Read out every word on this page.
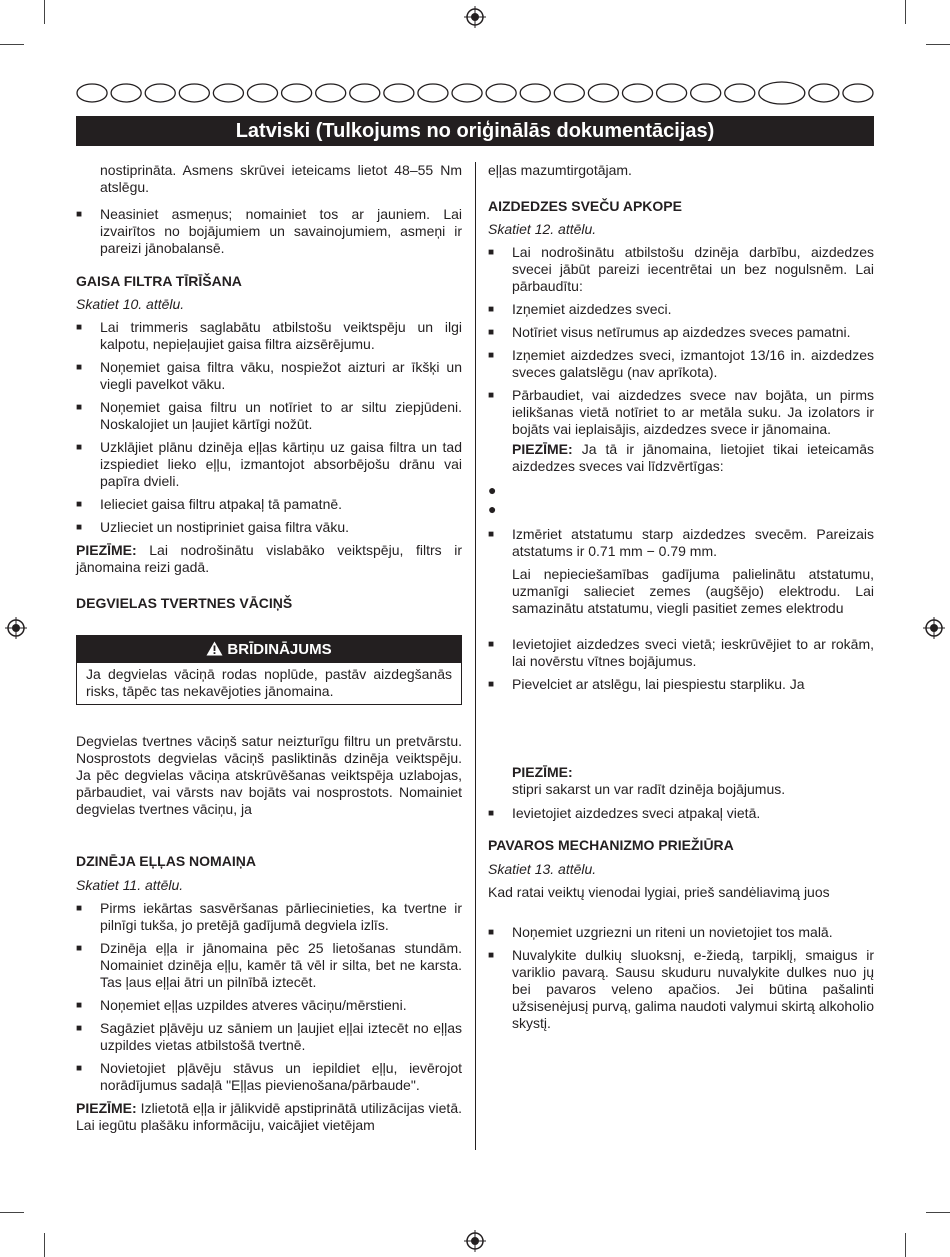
Latviski (Tulkojums no oriģinālās dokumentācijas)

nostiprināta. Asmens skrūvei ieteicams lietot 48–55 Nm atslēgu.

■	Neasiniet asmeņus; nomainiet tos ar jauniem. Lai izvairītos no bojājumiem un savainojumiem, asmeņi ir pareizi jānobalansē.

GAISA FILTRA TĪRĪŠANA

Skatiet 10. attēlu.

■	Lai trimmeris saglabātu atbilstošu veiktspēju un ilgi kalpotu, nepieļaujiet gaisa filtra aizsērējumu.
■	Noņemiet gaisa filtra vāku, nospiežot aizturi ar īkšķi un viegli pavelkot vāku.
■	Noņemiet gaisa filtru un notīriet to ar siltu ziepjūdeni. Noskalojiet un ļaujiet kārtīgi nožūt.
■	Uzklājiet plānu dzinēja eļļas kārtiņu uz gaisa filtra un tad izspiediet lieko eļļu, izmantojot absorbējošu drānu vai papīra dvieli.
■	Ielieciet gaisa filtru atpakaļ tā pamatnē.
■	Uzlieciet un nostipriniet gaisa filtra vāku.

PIEZĪME: Lai nodrošinātu vislabāko veiktspēju, filtrs ir jānomaina reizi gadā.

DEGVIELAS TVERTNES VĀCIŅŠ

BRĪDINĀJUMS
Ja degvielas vāciņā rodas noplūde, pastāv aizdegšanās risks, tāpēc tas nekavējoties jānomaina.

Degvielas tvertnes vāciņš satur neizturīgu filtru un pretvārstu. Nosprostots degvielas vāciņš pasliktinās dzinēja veiktspēju. Ja pēc degvielas vāciņa atskrūvēšanas veiktspēja uzlabojas, pārbaudiet, vai vārsts nav bojāts vai nosprostots. Nomainiet degvielas tvertnes vāciņu, ja

DZINĒJA EĻĻAS NOMAIŅA

Skatiet 11. attēlu.

■	Pirms iekārtas sasvēršanas pārliecinieties, ka tvertne ir pilnīgi tukša, jo pretējā gadījumā degviela izlīs.
■	Dzinēja eļļa ir jānomaina pēc 25 lietošanas stundām. Nomainiet dzinēja eļļu, kamēr tā vēl ir silta, bet ne karsta. Tas ļaus eļļai ātri un pilnībā iztecēt.
■	Noņemiet eļļas uzpildes atveres vāciņu/mērstieni.
■	Sagāziet pļāvēju uz sāniem un ļaujiet eļļai iztecēt no eļļas uzpildes vietas atbilstošā tvertnē.
■	Novietojiet pļāvēju stāvus un iepildiet eļļu, ievērojot norādījumus sadaļā "Eļļas pievienošana/pārbaude".

PIEZĪME: Izlietotā eļļa ir jālikvidē apstiprinātā utilizācijas vietā. Lai iegūtu plašāku informāciju, vaicājiet vietējam

eļļas mazumtirgotājam.

AIZDEDZES SVEČU APKOPE

Skatiet 12. attēlu.

■	Lai nodrošinātu atbilstošu dzinēja darbību, aizdedzes svecei jābūt pareizi iecentrētai un bez nogulsnēm. Lai pārbaudītu:
■	Izņemiet aizdedzes sveci.
■	Notīriet visus netīrumus ap aizdedzes sveces pamatni.
■	Izņemiet aizdedzes sveci, izmantojot 13/16 in. aizdedzes sveces galatslēgu (nav aprīkota).
■	Pārbaudiet, vai aizdedzes svece nav bojāta, un pirms ielikšanas vietā notīriet to ar metāla suku. Ja izolators ir bojāts vai ieplaisājis, aizdedzes svece ir jānomaina.

PIEZĪME: Ja tā ir jānomaina, lietojiet tikai ieteicamās aizdedzes sveces vai līdzvērtīgas:

●
●
■	Izmēriet atstatumu starp aizdedzes svecēm. Pareizais atstatums ir 0.71 mm − 0.79 mm.

Lai nepieciešamības gadījuma palielinātu atstatumu, uzmanīgi salieciet zemes (augšējo) elektrodu. Lai samazinātu atstatumu, viegli pasitiet zemes elektrodu

■	Ievietojiet aizdedzes sveci vietā; ieskrūvējiet to ar rokām, lai novērstu vītnes bojājumus.
■	Pievelciet ar atslēgu, lai piespiestu starpliku. Ja

PIEZĪME:

stipri sakarst un var radīt dzinēja bojājumus.

■	Ievietojiet aizdedzes sveci atpakaļ vietā.

PAVAROS MECHANIZMO PRIEŽIŪRA

Skatiet 13. attēlu.

Kad ratai veiktų vienodai lygiai, prieš sandėliavimą juos

■	Noņemiet uzgriezni un riteni un novietojiet tos malā.
■	Nuvalykite dulkių sluoksnį, e-žiedą, tarpiklį, smaigus ir variklio pavarą. Sausu skuduru nuvalykite dulkes nuo jų bei pavaros veleno apačios. Jei būtina pašalinti užsisenėjusį purvą, galima naudoti valymui skirtą alkoholio skystį.
